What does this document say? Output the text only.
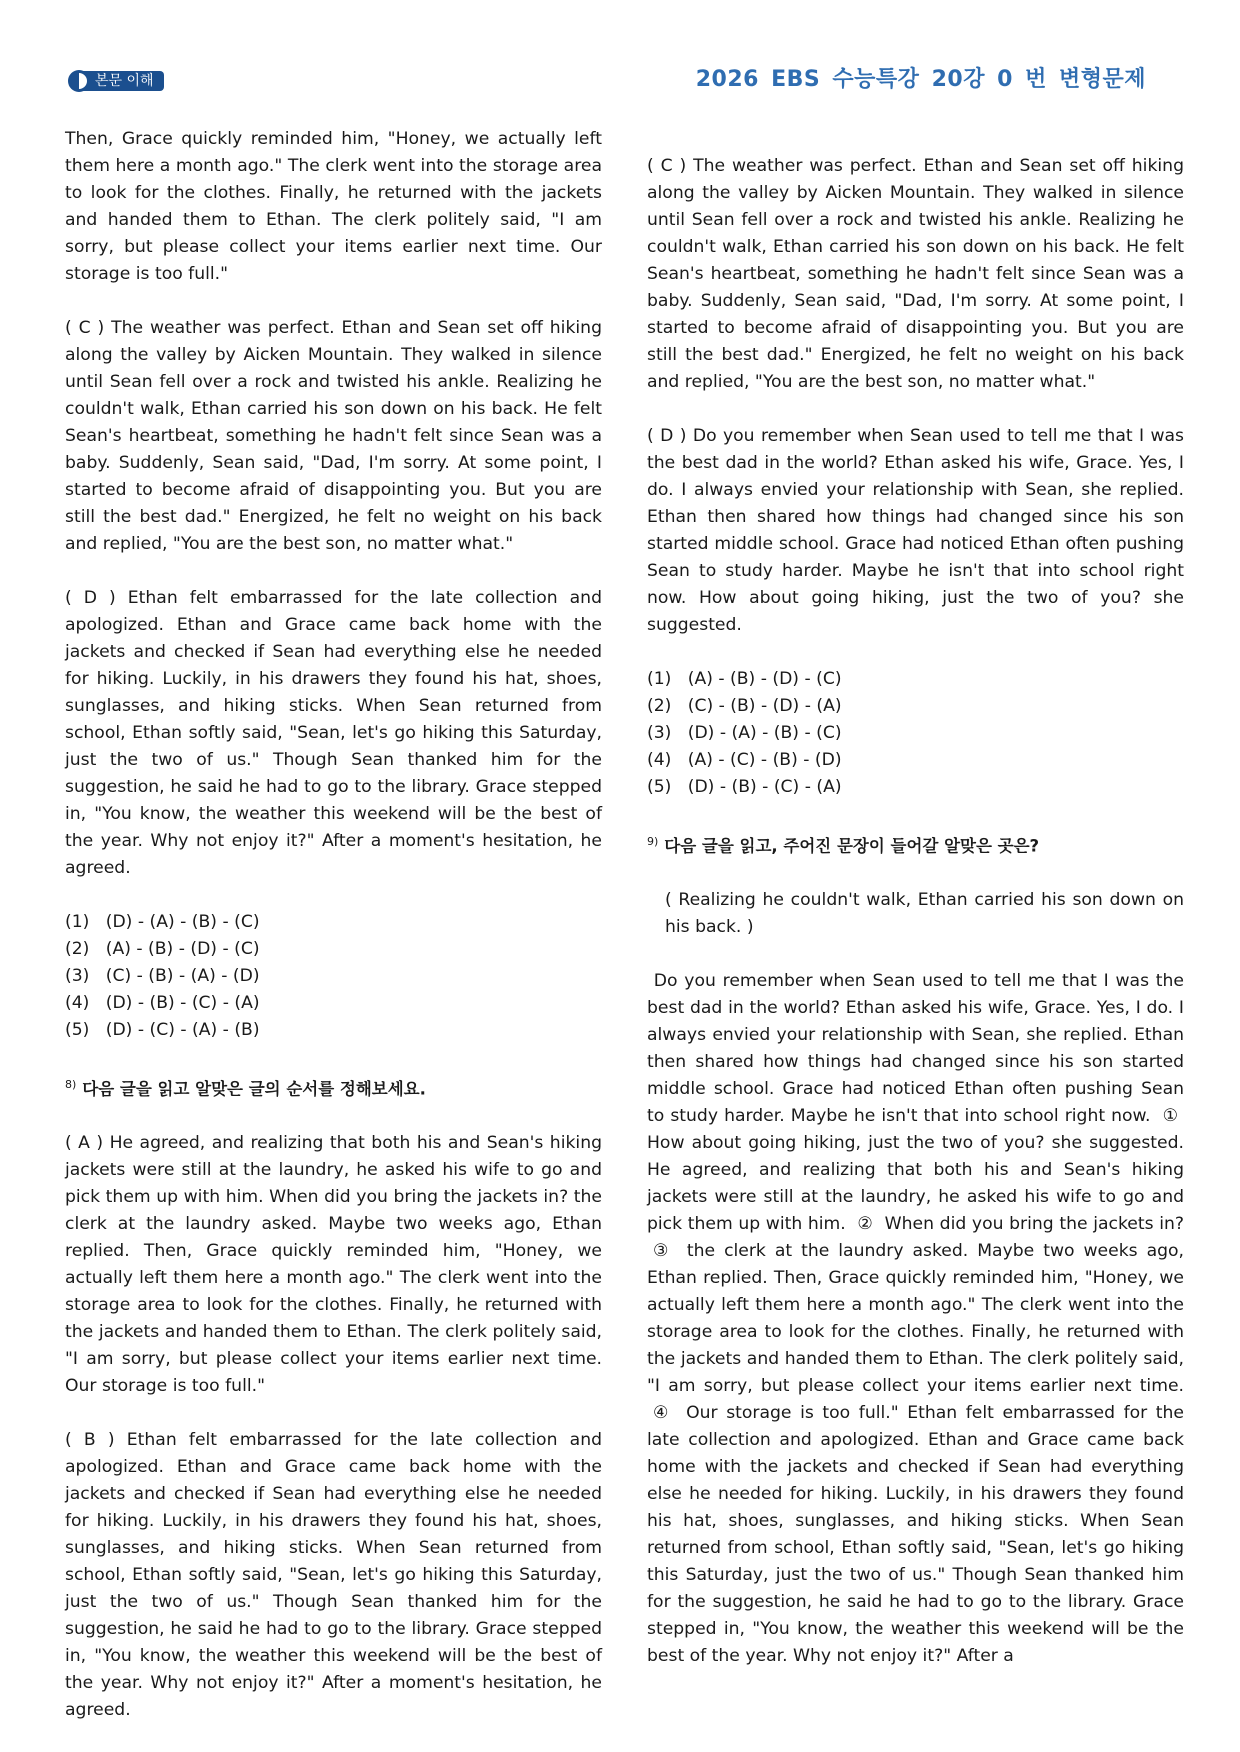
본문 이해	2026 EBS 수능특강 20강 0 번 변형문제

Then, Grace quickly reminded him, "Honey, we actually left them here a month ago." The clerk went into the storage area to look for the clothes. Finally, he returned with the jackets and handed them to Ethan. The clerk politely said, "I am sorry, but please collect your items earlier next time. Our storage is too full."

( C ) The weather was perfect. Ethan and Sean set off hiking along the valley by Aicken Mountain. They walked in silence until Sean fell over a rock and twisted his ankle. Realizing he couldn't walk, Ethan carried his son down on his back. He felt Sean's heartbeat, something he hadn't felt since Sean was a baby. Suddenly, Sean said, "Dad, I'm sorry. At some point, I started to become afraid of disappointing you. But you are still the best dad." Energized, he felt no weight on his back and replied, "You are the best son, no matter what."

( D ) Ethan felt embarrassed for the late collection and apologized. Ethan and Grace came back home with the jackets and checked if Sean had everything else he needed for hiking. Luckily, in his drawers they found his hat, shoes, sunglasses, and hiking sticks. When Sean returned from school, Ethan softly said, "Sean, let's go hiking this Saturday, just the two of us." Though Sean thanked him for the suggestion, he said he had to go to the library. Grace stepped in, "You know, the weather this weekend will be the best of the year. Why not enjoy it?" After a moment's hesitation, he agreed.

(1)   (D) - (A) - (B) - (C)
(2)   (A) - (B) - (D) - (C)
(3)   (C) - (B) - (A) - (D)
(4)   (D) - (B) - (C) - (A)
(5)   (D) - (C) - (A) - (B)
$^{8)}$ 다음 글을 읽고 알맞은 글의 순서를 정해보세요.

( A ) He agreed, and realizing that both his and Sean's hiking jackets were still at the laundry, he asked his wife to go and pick them up with him. When did you bring the jackets in? the clerk at the laundry asked. Maybe two weeks ago, Ethan replied. Then, Grace quickly reminded him, "Honey, we actually left them here a month ago." The clerk went into the storage area to look for the clothes. Finally, he returned with the jackets and handed them to Ethan. The clerk politely said, "I am sorry, but please collect your items earlier next time. Our storage is too full."

( B ) Ethan felt embarrassed for the late collection and apologized. Ethan and Grace came back home with the jackets and checked if Sean had everything else he needed for hiking. Luckily, in his drawers they found his hat, shoes, sunglasses, and hiking sticks. When Sean returned from school, Ethan softly said, "Sean, let's go hiking this Saturday, just the two of us." Though Sean thanked him for the suggestion, he said he had to go to the library. Grace stepped in, "You know, the weather this weekend will be the best of the year. Why not enjoy it?" After a moment's hesitation, he agreed.

( C ) The weather was perfect. Ethan and Sean set off hiking along the valley by Aicken Mountain. They walked in silence until Sean fell over a rock and twisted his ankle. Realizing he couldn't walk, Ethan carried his son down on his back. He felt Sean's heartbeat, something he hadn't felt since Sean was a baby. Suddenly, Sean said, "Dad, I'm sorry. At some point, I started to become afraid of disappointing you. But you are still the best dad." Energized, he felt no weight on his back and replied, "You are the best son, no matter what."

( D ) Do you remember when Sean used to tell me that I was the best dad in the world? Ethan asked his wife, Grace. Yes, I do. I always envied your relationship with Sean, she replied. Ethan then shared how things had changed since his son started middle school. Grace had noticed Ethan often pushing Sean to study harder. Maybe he isn't that into school right now. How about going hiking, just the two of you? she suggested.

(1)   (A) - (B) - (D) - (C)
(2)   (C) - (B) - (D) - (A)
(3)   (D) - (A) - (B) - (C)
(4)   (A) - (C) - (B) - (D)
(5)   (D) - (B) - (C) - (A)
$^{9)}$ 다음 글을 읽고, 주어진 문장이 들어갈 알맞은 곳은?

( Realizing he couldn't walk, Ethan carried his son down on his back. )

Do you remember when Sean used to tell me that I was the best dad in the world? Ethan asked his wife, Grace. Yes, I do. I always envied your relationship with Sean, she replied. Ethan then shared how things had changed since his son started middle school. Grace had noticed Ethan often pushing Sean to study harder. Maybe he isn't that into school right now. ① How about going hiking, just the two of you? she suggested. He agreed, and realizing that both his and Sean's hiking jackets were still at the laundry, he asked his wife to go and pick them up with him. ② When did you bring the jackets in? ③ the clerk at the laundry asked. Maybe two weeks ago, Ethan replied. Then, Grace quickly reminded him, "Honey, we actually left them here a month ago." The clerk went into the storage area to look for the clothes. Finally, he returned with the jackets and handed them to Ethan. The clerk politely said, "I am sorry, but please collect your items earlier next time. ④ Our storage is too full." Ethan felt embarrassed for the late collection and apologized. Ethan and Grace came back home with the jackets and checked if Sean had everything else he needed for hiking. Luckily, in his drawers they found his hat, shoes, sunglasses, and hiking sticks. When Sean returned from school, Ethan softly said, "Sean, let's go hiking this Saturday, just the two of us." Though Sean thanked him for the suggestion, he said he had to go to the library. Grace stepped in, "You know, the weather this weekend will be the best of the year. Why not enjoy it?" After a
